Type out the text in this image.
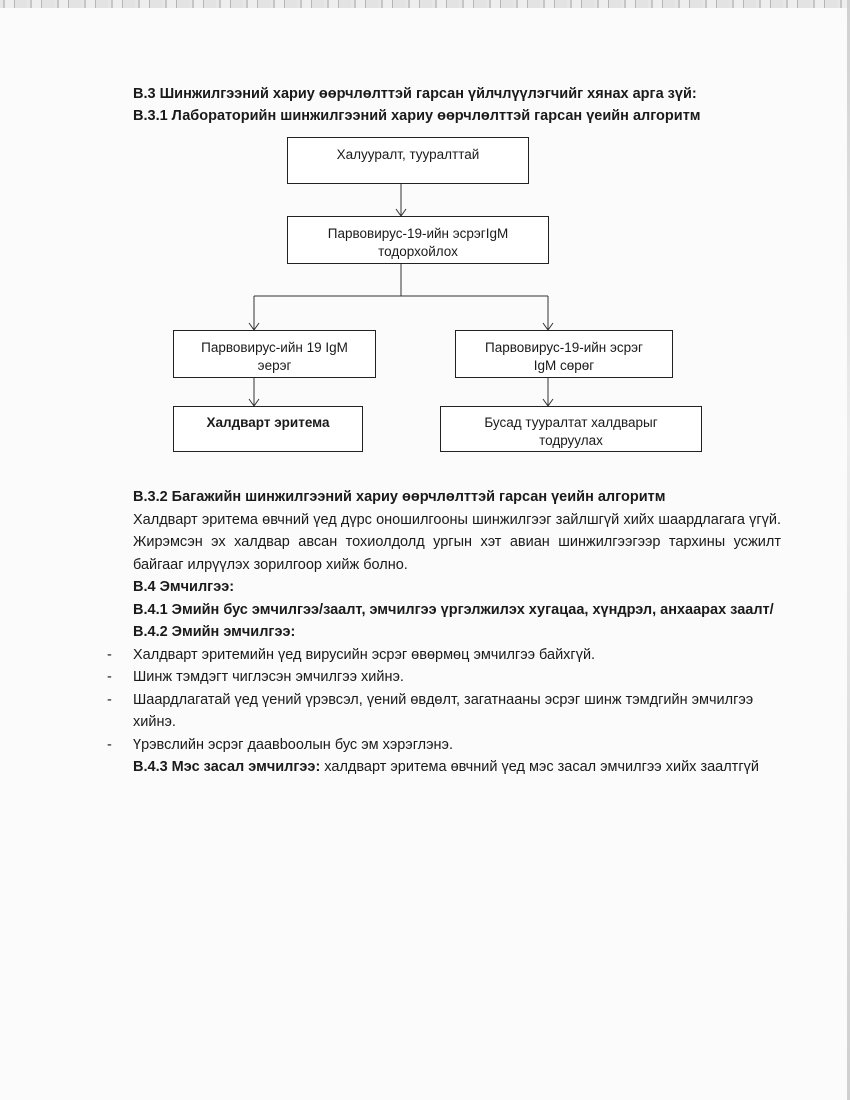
B.3 Шинжилгээний хариу өөрчлөлттэй гарсан үйлчлүүлэгчийг хянах арга зүй:
B.3.1 Лабораторийн шинжилгээний хариу өөрчлөлттэй гарсан үеийн алгоритм
Халууралт, тууралттай
Парвовирус-19-ийн эсрэгIgM
тодорхойлох
Парвовирус-ийн 19 IgM
эерэг
Парвовирус-19-ийн эсрэг
IgM сөрөг
Халдварт эритема	Бусад тууралтат халдварыг
тодруулах
B.3.2 Багажийн шинжилгээний хариу өөрчлөлттэй гарсан үеийн алгоритм
Халдварт эритема өвчний үед дүрс оношилгооны шинжилгээг зайлшгүй хийх шаардлагага үгүй. Жирэмсэн эх халдвар авсан тохиолдолд ургын хэт авиан шинжилгээгээр тархины усжилт байгааг илрүүлэх зорилгоор хийж болно.
B.4 Эмчилгээ:
B.4.1 Эмийн бус эмчилгээ/заалт, эмчилгээ үргэлжилэх хугацаа, хүндрэл, анхаарах заалт/
B.4.2 Эмийн эмчилгээ:
- Халдварт эритемийн үед вирусийн эсрэг өвөрмөц эмчилгээ байхгүй.
- Шинж тэмдэгт чиглэсэн эмчилгээ хийнэ.
- Шаардлагатай үед үений үрэвсэл, үений өвдөлт, загатнааны эсрэг шинж тэмдгийн эмчилгээ хийнэ.
- Үрэвслийн эсрэг даавbooлын бус эм хэрэглэнэ.
B.4.3 Мэс засал эмчилгээ: халдварт эритема өвчний үед мэс засал эмчилгээ хийх заалтгүй
